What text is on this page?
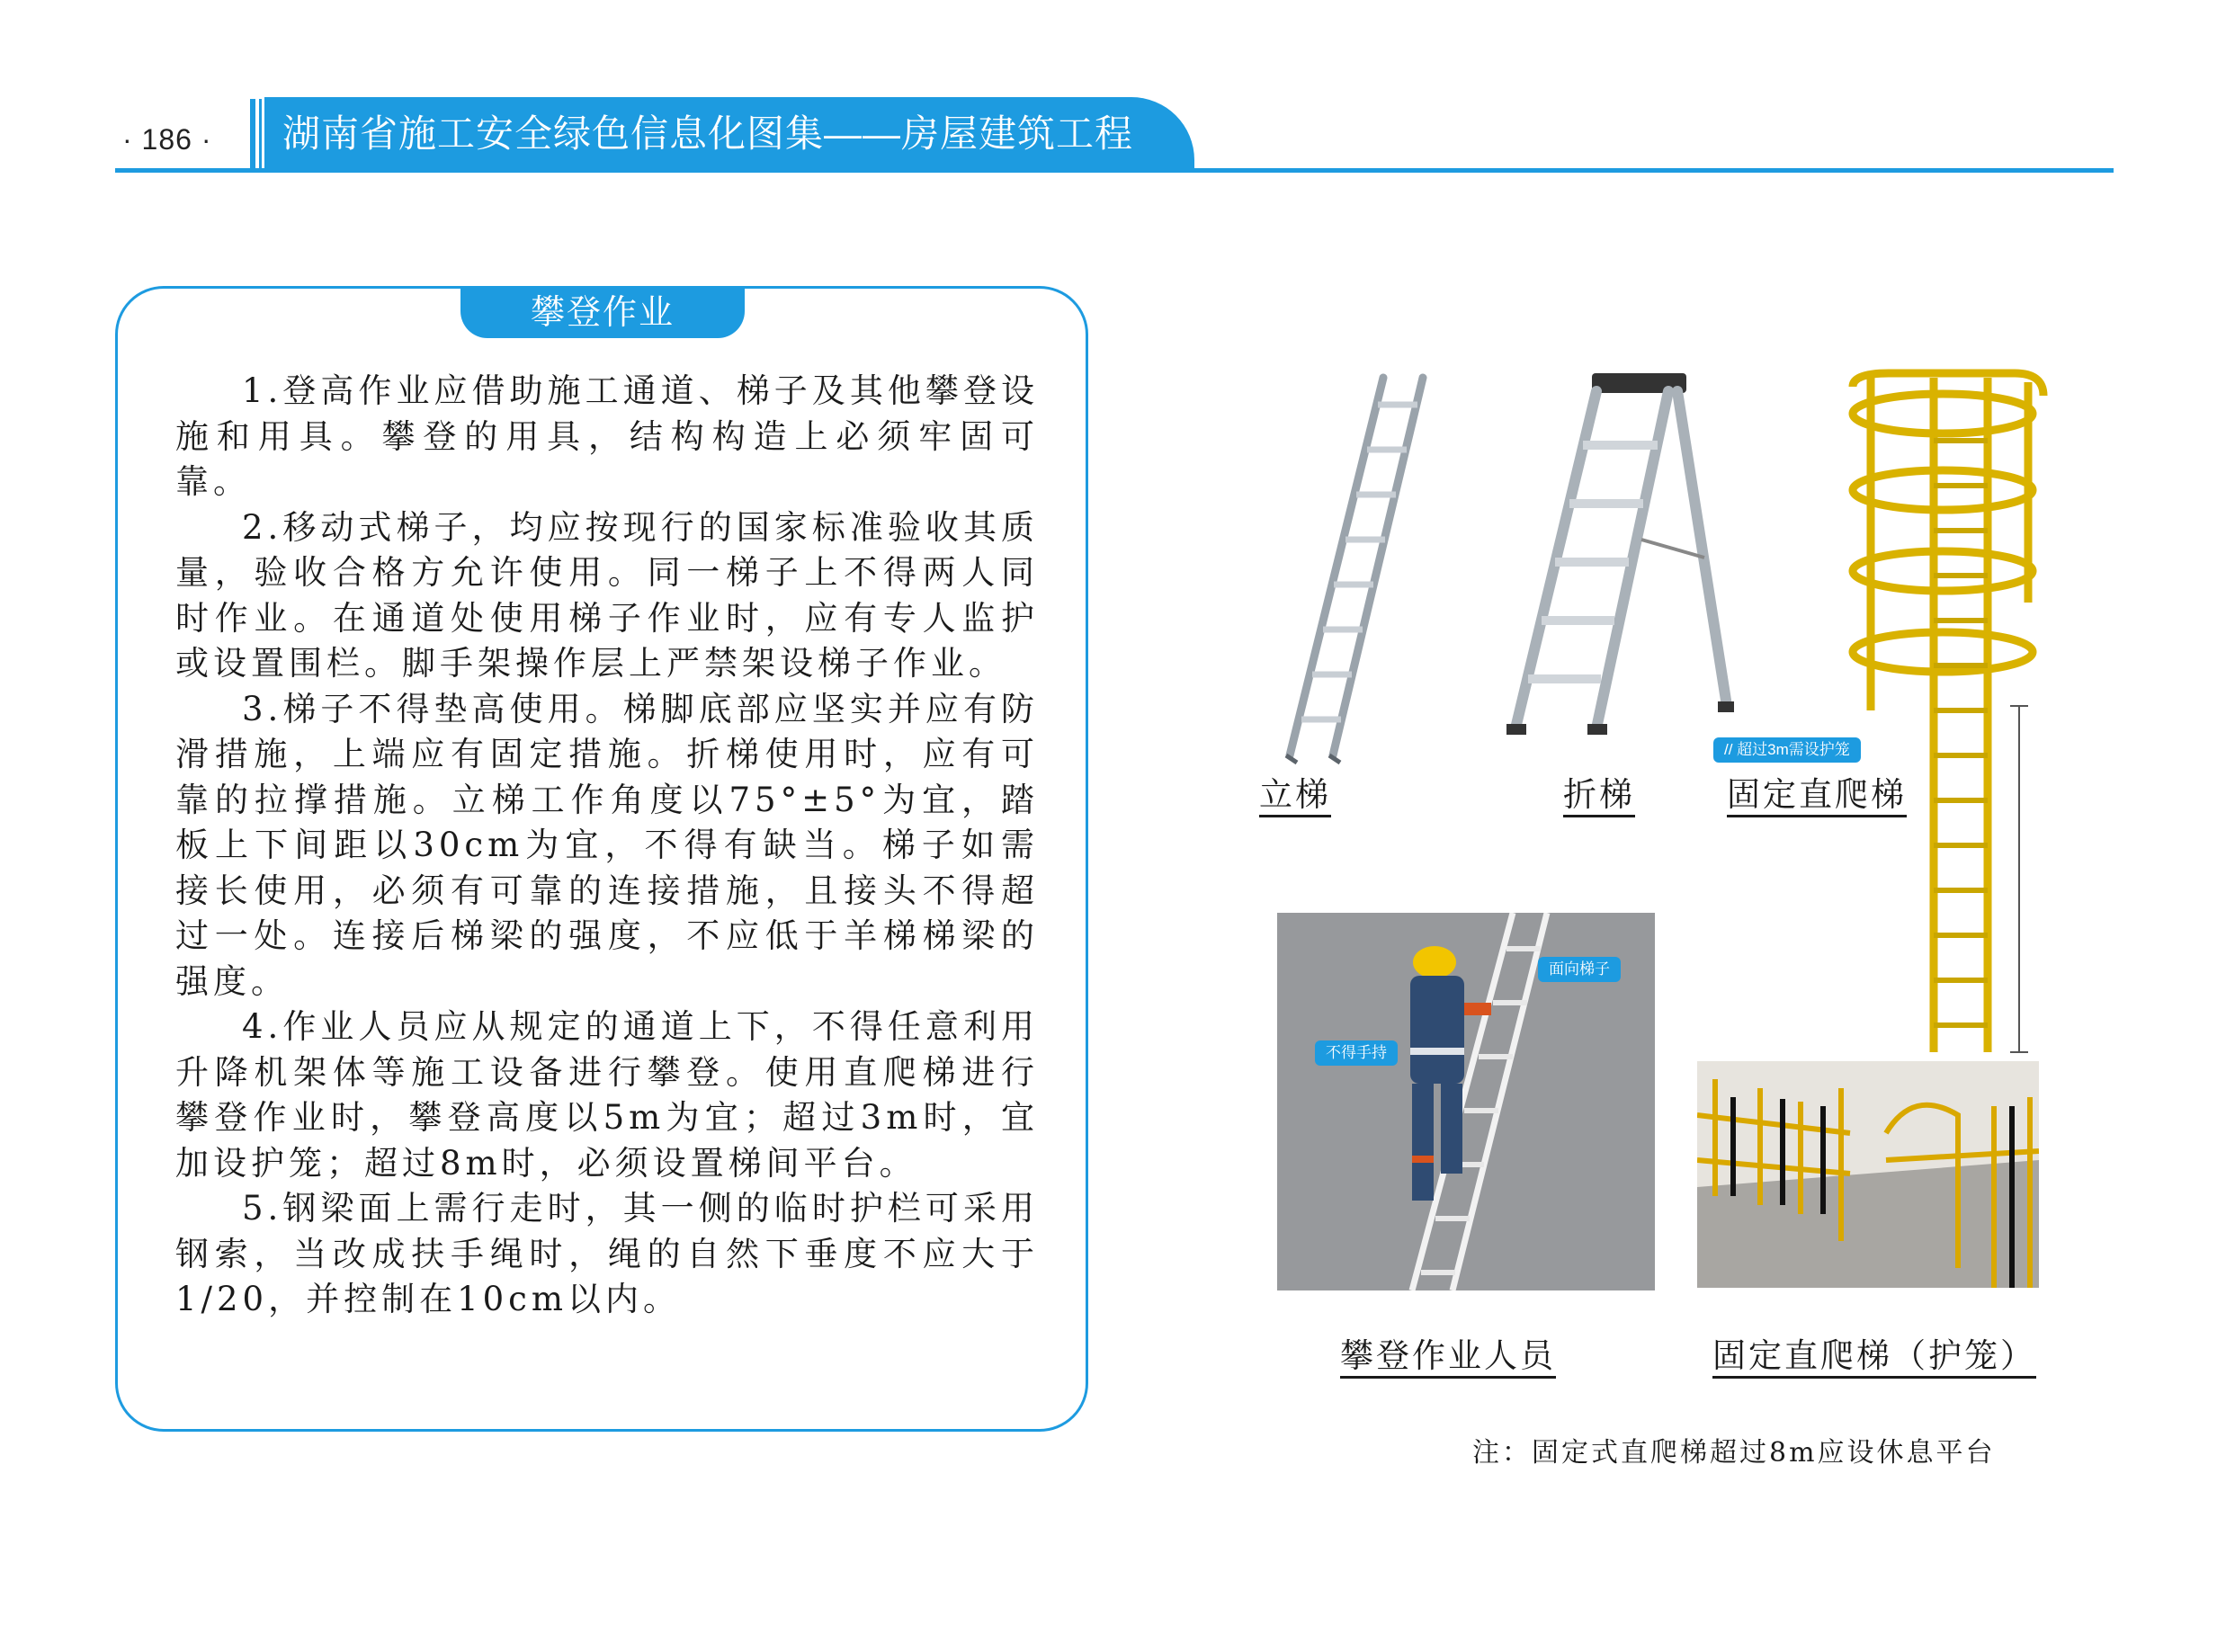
· 186 ·	湖南省施工安全绿色信息化图集——房屋建筑工程
攀登作业

1.登高作业应借助施工通道、梯子及其他攀登设施和用具。攀登的用具，结构构造上必须牢固可靠。

2.移动式梯子，均应按现行的国家标准验收其质量，验收合格方允许使用。同一梯子上不得两人同时作业。在通道处使用梯子作业时，应有专人监护或设置围栏。脚手架操作层上严禁架设梯子作业。

3.梯子不得垫高使用。梯脚底部应坚实并应有防滑措施，上端应有固定措施。折梯使用时，应有可靠的拉撑措施。立梯工作角度以75°±5°为宜，踏板上下间距以30cm为宜，不得有缺当。梯子如需接长使用，必须有可靠的连接措施，且接头不得超过一处。连接后梯梁的强度，不应低于羊梯梯梁的强度。

4.作业人员应从规定的通道上下，不得任意利用升降机架体等施工设备进行攀登。使用直爬梯进行攀登作业时，攀登高度以5m为宜；超过3m时，宜加设护笼；超过8m时，必须设置梯间平台。

5.钢梁面上需行走时，其一侧的临时护栏可采用钢索，当改成扶手绳时，绳的自然下垂度不应大于1/20，并控制在10cm以内。

// 超过3m需设护笼
立梯	折梯	固定直爬梯
面向梯子
不得手持
攀登作业人员	固定直爬梯（护笼）
注：固定式直爬梯超过8m应设休息平台
